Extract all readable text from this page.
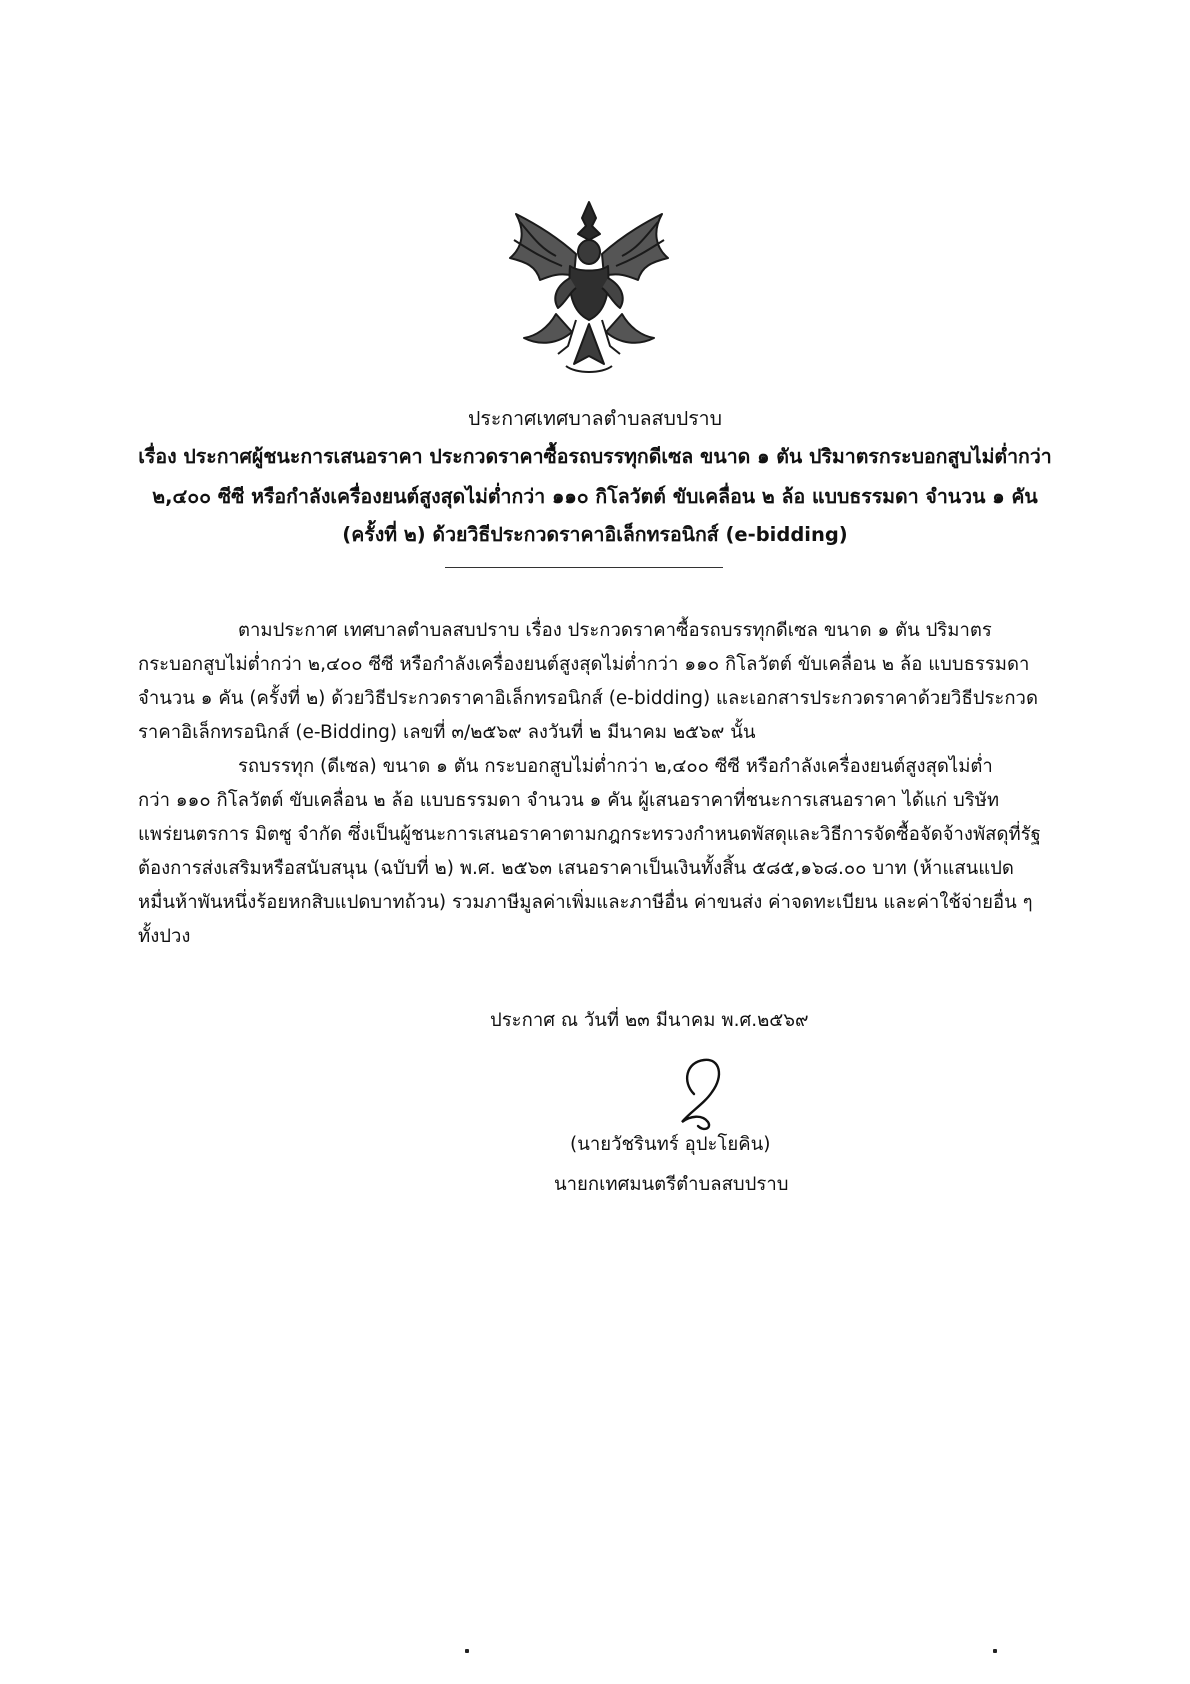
ประกาศเทศบาลตำบลสบปราบ
เรื่อง ประกาศผู้ชนะการเสนอราคา ประกวดราคาซื้อรถบรรทุกดีเซล ขนาด ๑ ตัน ปริมาตรกระบอกสูบไม่ต่ำกว่า
๒,๔๐๐ ซีซี หรือกำลังเครื่องยนต์สูงสุดไม่ต่ำกว่า ๑๑๐ กิโลวัตต์ ขับเคลื่อน ๒ ล้อ แบบธรรมดา จำนวน ๑ คัน
(ครั้งที่ ๒) ด้วยวิธีประกวดราคาอิเล็กทรอนิกส์ (e-bidding)
ตามประกาศ เทศบาลตำบลสบปราบ เรื่อง ประกวดราคาซื้อรถบรรทุกดีเซล ขนาด ๑ ตัน ปริมาตร
กระบอกสูบไม่ต่ำกว่า ๒,๔๐๐ ซีซี หรือกำลังเครื่องยนต์สูงสุดไม่ต่ำกว่า ๑๑๐ กิโลวัตต์ ขับเคลื่อน ๒ ล้อ แบบธรรมดา
จำนวน ๑ คัน (ครั้งที่ ๒) ด้วยวิธีประกวดราคาอิเล็กทรอนิกส์ (e-bidding) และเอกสารประกวดราคาด้วยวิธีประกวด
ราคาอิเล็กทรอนิกส์ (e-Bidding) เลขที่ ๓/๒๕๖๙ ลงวันที่ ๒ มีนาคม ๒๕๖๙ นั้น
รถบรรทุก (ดีเซล) ขนาด ๑ ตัน กระบอกสูบไม่ต่ำกว่า ๒,๔๐๐ ซีซี หรือกำลังเครื่องยนต์สูงสุดไม่ต่ำ
กว่า ๑๑๐ กิโลวัตต์ ขับเคลื่อน ๒ ล้อ แบบธรรมดา จำนวน ๑ คัน ผู้เสนอราคาที่ชนะการเสนอราคา ได้แก่ บริษัท
แพร่ยนตรการ มิตซู จำกัด ซึ่งเป็นผู้ชนะการเสนอราคาตามกฎกระทรวงกำหนดพัสดุและวิธีการจัดซื้อจัดจ้างพัสดุที่รัฐ
ต้องการส่งเสริมหรือสนับสนุน (ฉบับที่ ๒) พ.ศ. ๒๕๖๓ เสนอราคาเป็นเงินทั้งสิ้น ๕๘๕,๑๖๘.๐๐ บาท (ห้าแสนแปด
หมื่นห้าพันหนึ่งร้อยหกสิบแปดบาทถ้วน) รวมภาษีมูลค่าเพิ่มและภาษีอื่น ค่าขนส่ง ค่าจดทะเบียน และค่าใช้จ่ายอื่น ๆ
ทั้งปวง
ประกาศ ณ วันที่ ๒๓ มีนาคม พ.ศ.๒๕๖๙
(นายวัชรินทร์ อุปะโยคิน)
นายกเทศมนตรีตำบลสบปราบ
